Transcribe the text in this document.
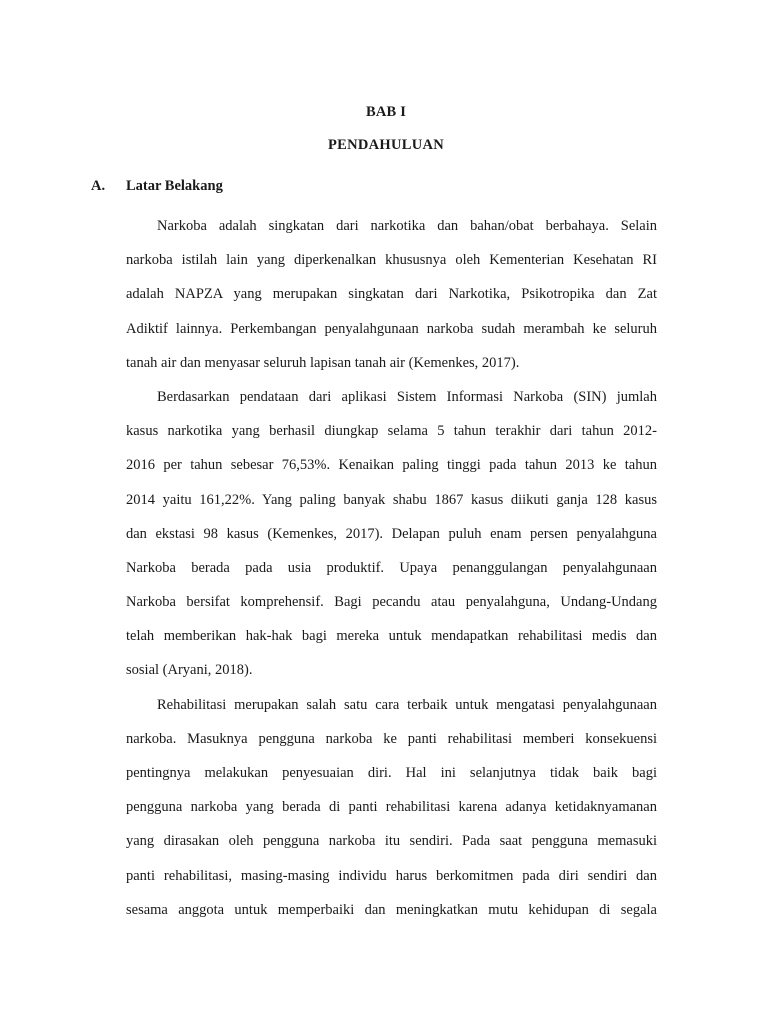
BAB I
PENDAHULUAN
A. Latar Belakang
Narkoba adalah singkatan dari narkotika dan bahan/obat berbahaya. Selain
narkoba istilah lain yang diperkenalkan khususnya oleh Kementerian Kesehatan RI
adalah NAPZA yang merupakan singkatan dari Narkotika, Psikotropika dan Zat
Adiktif lainnya. Perkembangan penyalahgunaan narkoba sudah merambah ke seluruh
tanah air dan menyasar seluruh lapisan tanah air (Kemenkes, 2017).
Berdasarkan pendataan dari aplikasi Sistem Informasi Narkoba (SIN) jumlah
kasus narkotika yang berhasil diungkap selama 5 tahun terakhir dari tahun 2012-
2016 per tahun sebesar 76,53%. Kenaikan paling tinggi pada tahun 2013 ke tahun
2014 yaitu 161,22%. Yang paling banyak shabu 1867 kasus diikuti ganja 128 kasus
dan ekstasi 98 kasus (Kemenkes, 2017). Delapan puluh enam persen penyalahguna
Narkoba berada pada usia produktif. Upaya penanggulangan penyalahgunaan
Narkoba bersifat komprehensif. Bagi pecandu atau penyalahguna, Undang-Undang
telah memberikan hak-hak bagi mereka untuk mendapatkan rehabilitasi medis dan
sosial (Aryani, 2018).
Rehabilitasi merupakan salah satu cara terbaik untuk mengatasi penyalahgunaan
narkoba. Masuknya pengguna narkoba ke panti rehabilitasi memberi konsekuensi
pentingnya melakukan penyesuaian diri. Hal ini selanjutnya tidak baik bagi
pengguna narkoba yang berada di panti rehabilitasi karena adanya ketidaknyamanan
yang dirasakan oleh pengguna narkoba itu sendiri. Pada saat pengguna memasuki
panti rehabilitasi, masing-masing individu harus berkomitmen pada diri sendiri dan
sesama anggota untuk memperbaiki dan meningkatkan mutu kehidupan di segala
